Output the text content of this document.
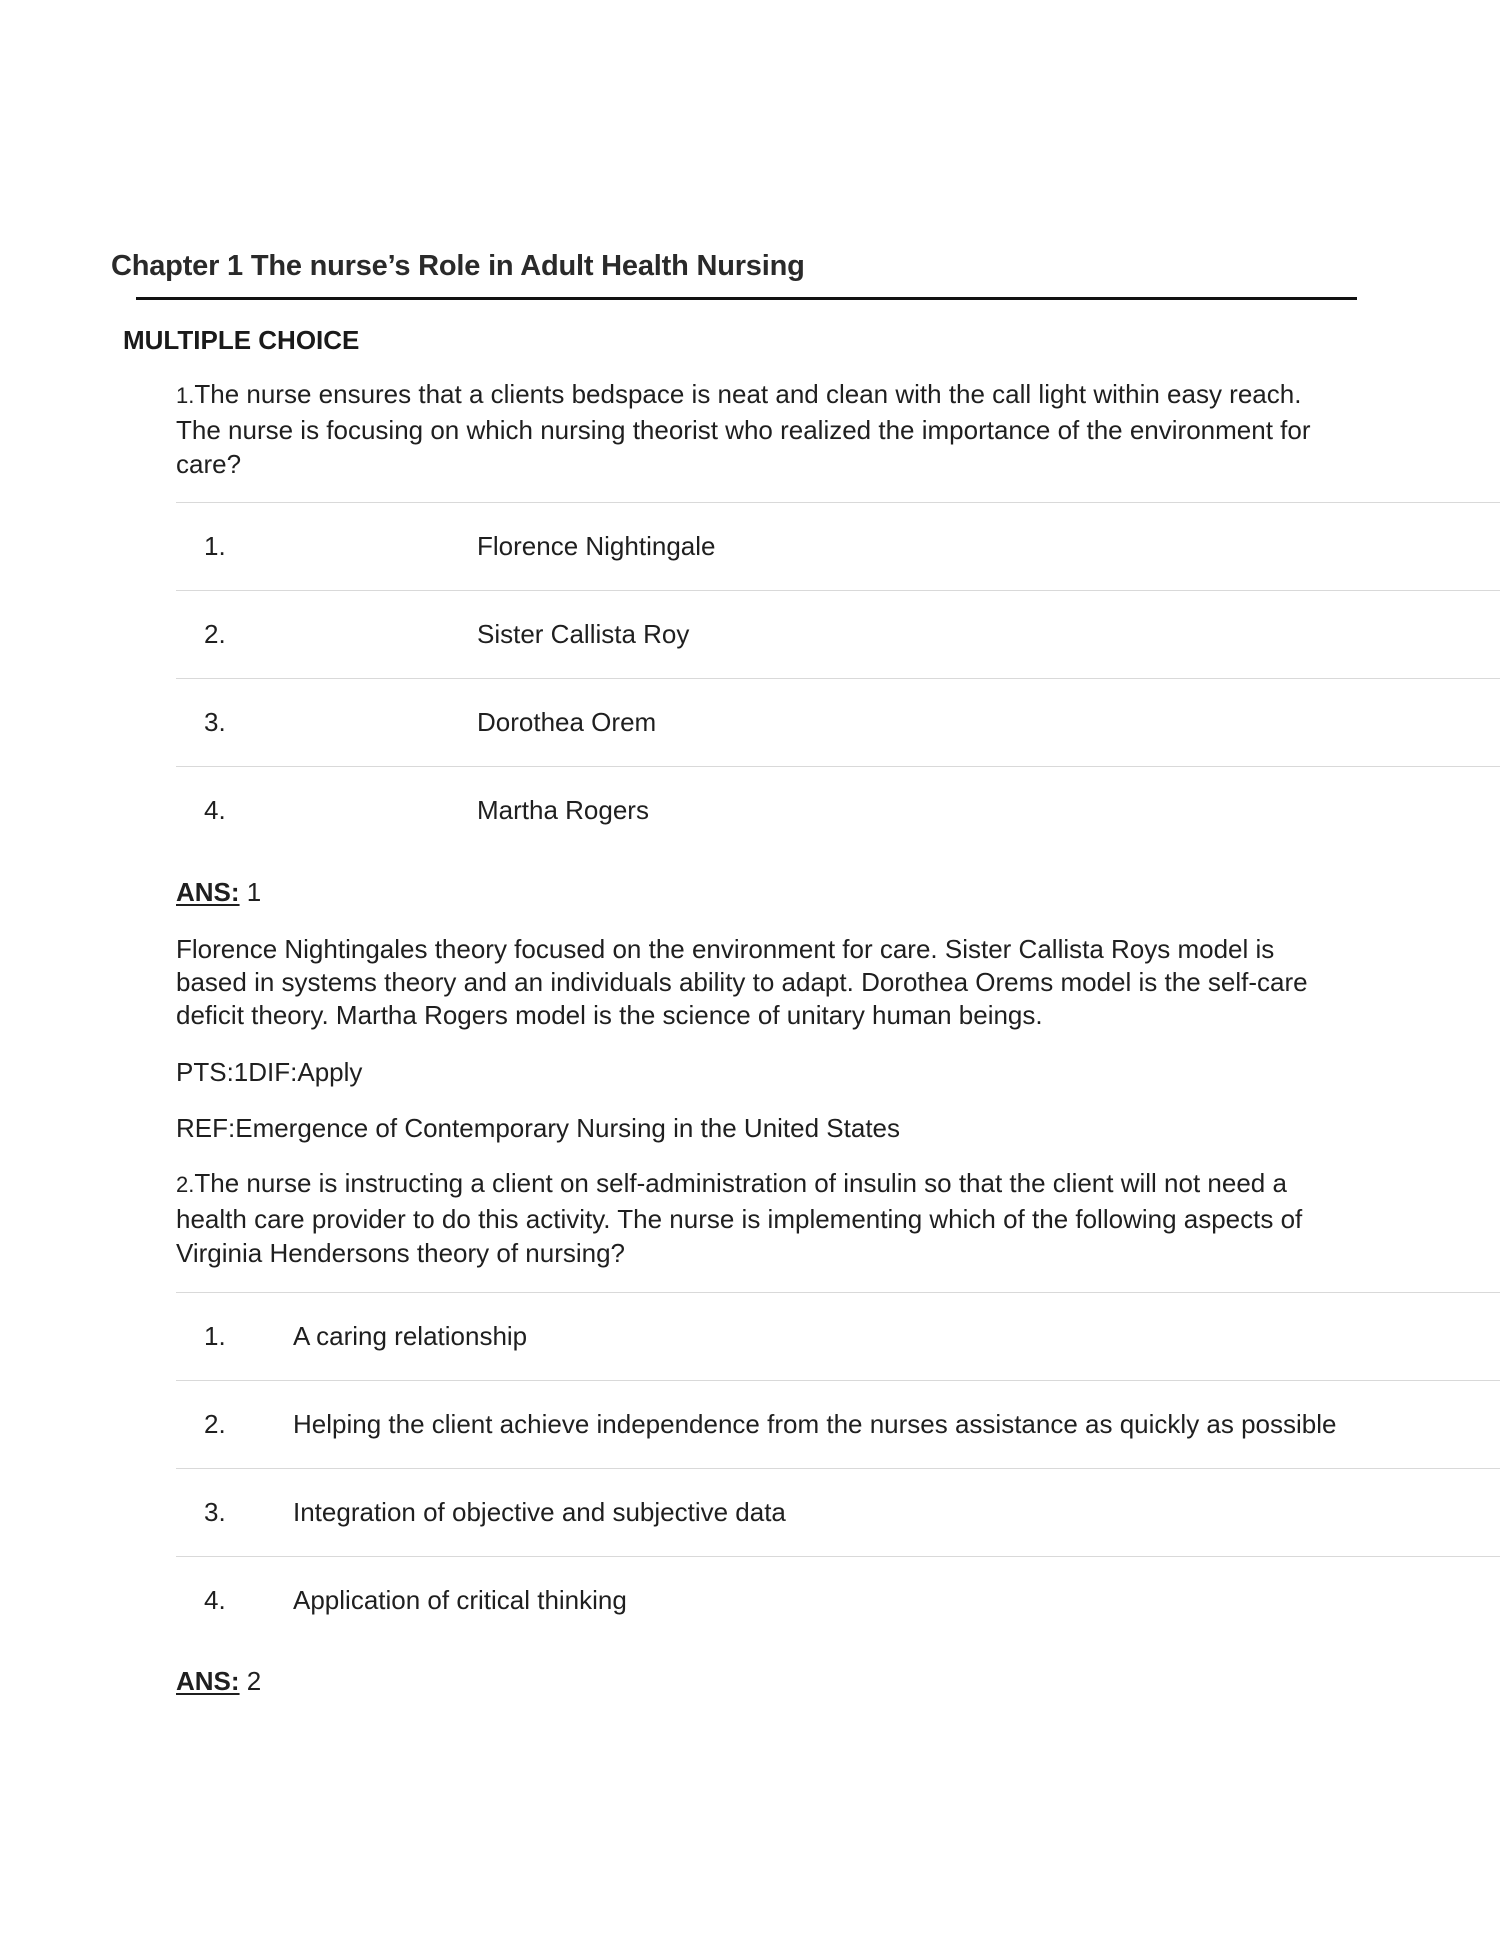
Chapter 1 The nurse’s Role in Adult Health Nursing
MULTIPLE CHOICE
1.The nurse ensures that a clients bedspace is neat and clean with the call light within easy reach. The nurse is focusing on which nursing theorist who realized the importance of the environment for care?
1.	Florence Nightingale
2.	Sister Callista Roy
3.	Dorothea Orem
4.	Martha Rogers
ANS: 1
Florence Nightingales theory focused on the environment for care. Sister Callista Roys model is based in systems theory and an individuals ability to adapt. Dorothea Orems model is the self-care deficit theory. Martha Rogers model is the science of unitary human beings.
PTS:1DIF:Apply
REF:Emergence of Contemporary Nursing in the United States
2.The nurse is instructing a client on self-administration of insulin so that the client will not need a health care provider to do this activity. The nurse is implementing which of the following aspects of Virginia Hendersons theory of nursing?
1.	A caring relationship
2.	Helping the client achieve independence from the nurses assistance as quickly as possible
3.	Integration of objective and subjective data
4.	Application of critical thinking
ANS: 2
